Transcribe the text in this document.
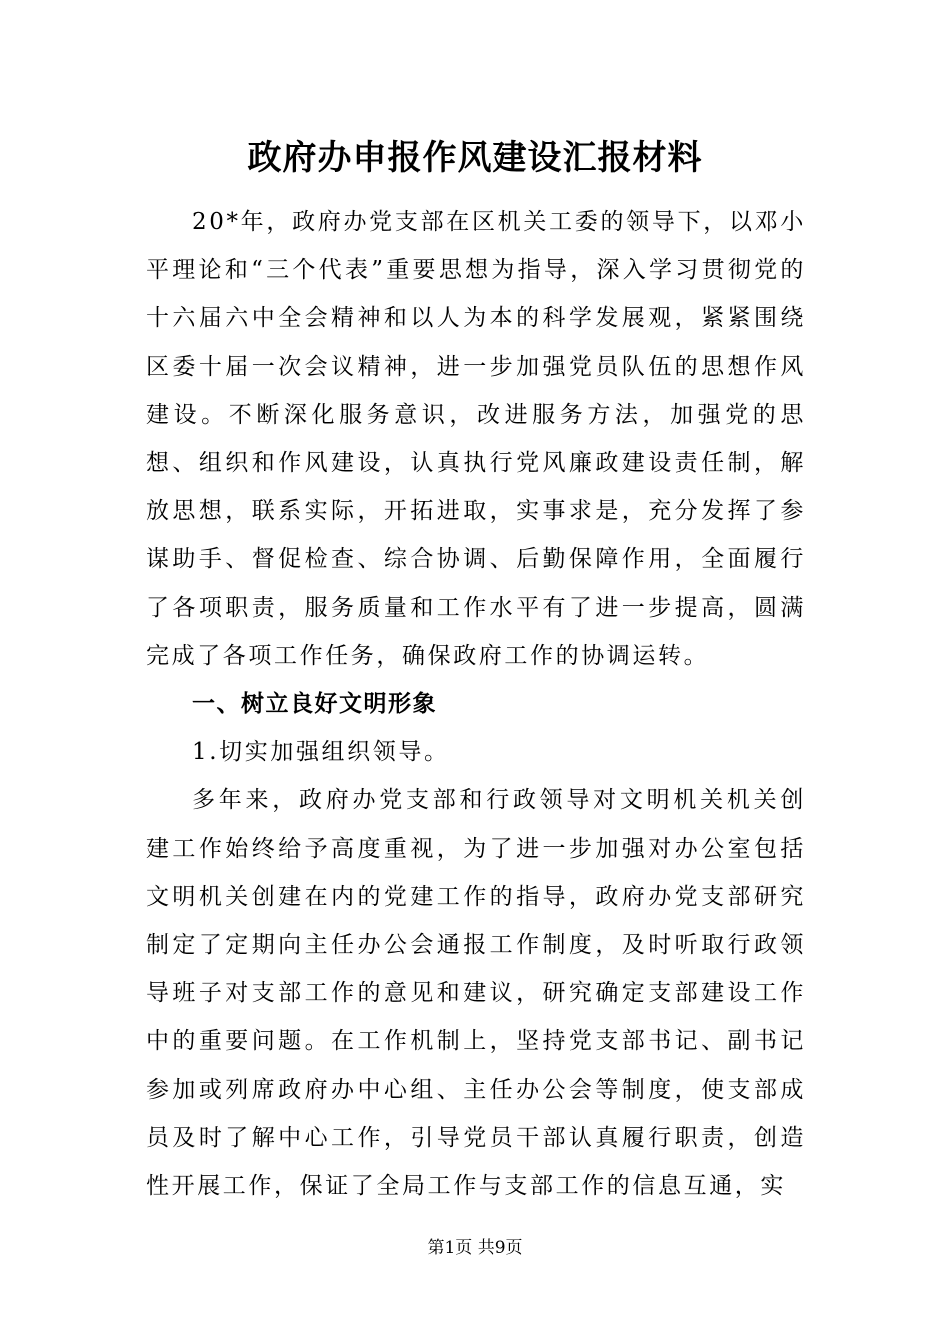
政府办申报作风建设汇报材料

20*年，政府办党支部在区机关工委的领导下，以邓小平理论和“三个代表”重要思想为指导，深入学习贯彻党的十六届六中全会精神和以人为本的科学发展观，紧紧围绕区委十届一次会议精神，进一步加强党员队伍的思想作风建设。不断深化服务意识，改进服务方法，加强党的思想、组织和作风建设，认真执行党风廉政建设责任制，解放思想，联系实际，开拓进取，实事求是，充分发挥了参谋助手、督促检查、综合协调、后勤保障作用，全面履行了各项职责，服务质量和工作水平有了进一步提高，圆满完成了各项工作任务，确保政府工作的协调运转。

一、树立良好文明形象

1.切实加强组织领导。

多年来，政府办党支部和行政领导对文明机关机关创建工作始终给予高度重视，为了进一步加强对办公室包括文明机关创建在内的党建工作的指导，政府办党支部研究制定了定期向主任办公会通报工作制度，及时听取行政领导班子对支部工作的意见和建议，研究确定支部建设工作中的重要问题。在工作机制上，坚持党支部书记、副书记参加或列席政府办中心组、主任办公会等制度，使支部成员及时了解中心工作，引导党员干部认真履行职责，创造性开展工作，保证了全局工作与支部工作的信息互通，实

第1页 共9页
